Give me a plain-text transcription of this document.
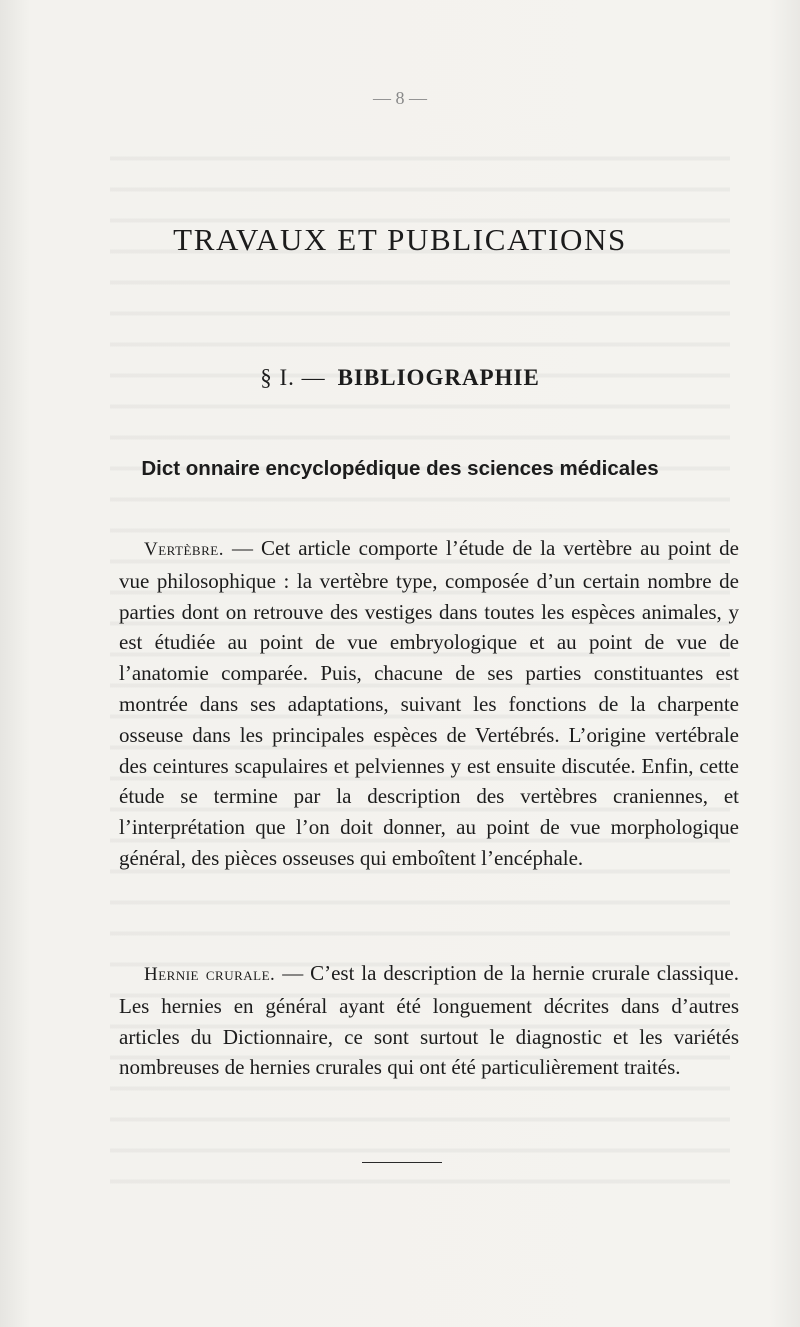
— 8 —
TRAVAUX ET PUBLICATIONS
§ I. — BIBLIOGRAPHIE
Dict onnaire encyclopédique des sciences médicales

Vertèbre. — Cet article comporte l’étude de la vertèbre au point de vue philosophique : la vertèbre type, composée d’un certain nombre de parties dont on retrouve des vestiges dans toutes les espèces animales, y est étudiée au point de vue embryologique et au point de vue de l’anatomie comparée. Puis, chacune de ses parties constituantes est montrée dans ses adaptations, suivant les fonctions de la charpente osseuse dans les principales espèces de Vertébrés. L’origine vertébrale des ceintures scapulaires et pelviennes y est ensuite discutée. Enfin, cette étude se termine par la description des vertèbres craniennes, et l’interprétation que l’on doit donner, au point de vue morphologique général, des pièces osseuses qui emboîtent l’encéphale.

Hernie crurale. — C’est la description de la hernie crurale classique. Les hernies en général ayant été longuement décrites dans d’autres articles du Dictionnaire, ce sont surtout le diagnostic et les variétés nombreuses de hernies crurales qui ont été particulièrement traités.
